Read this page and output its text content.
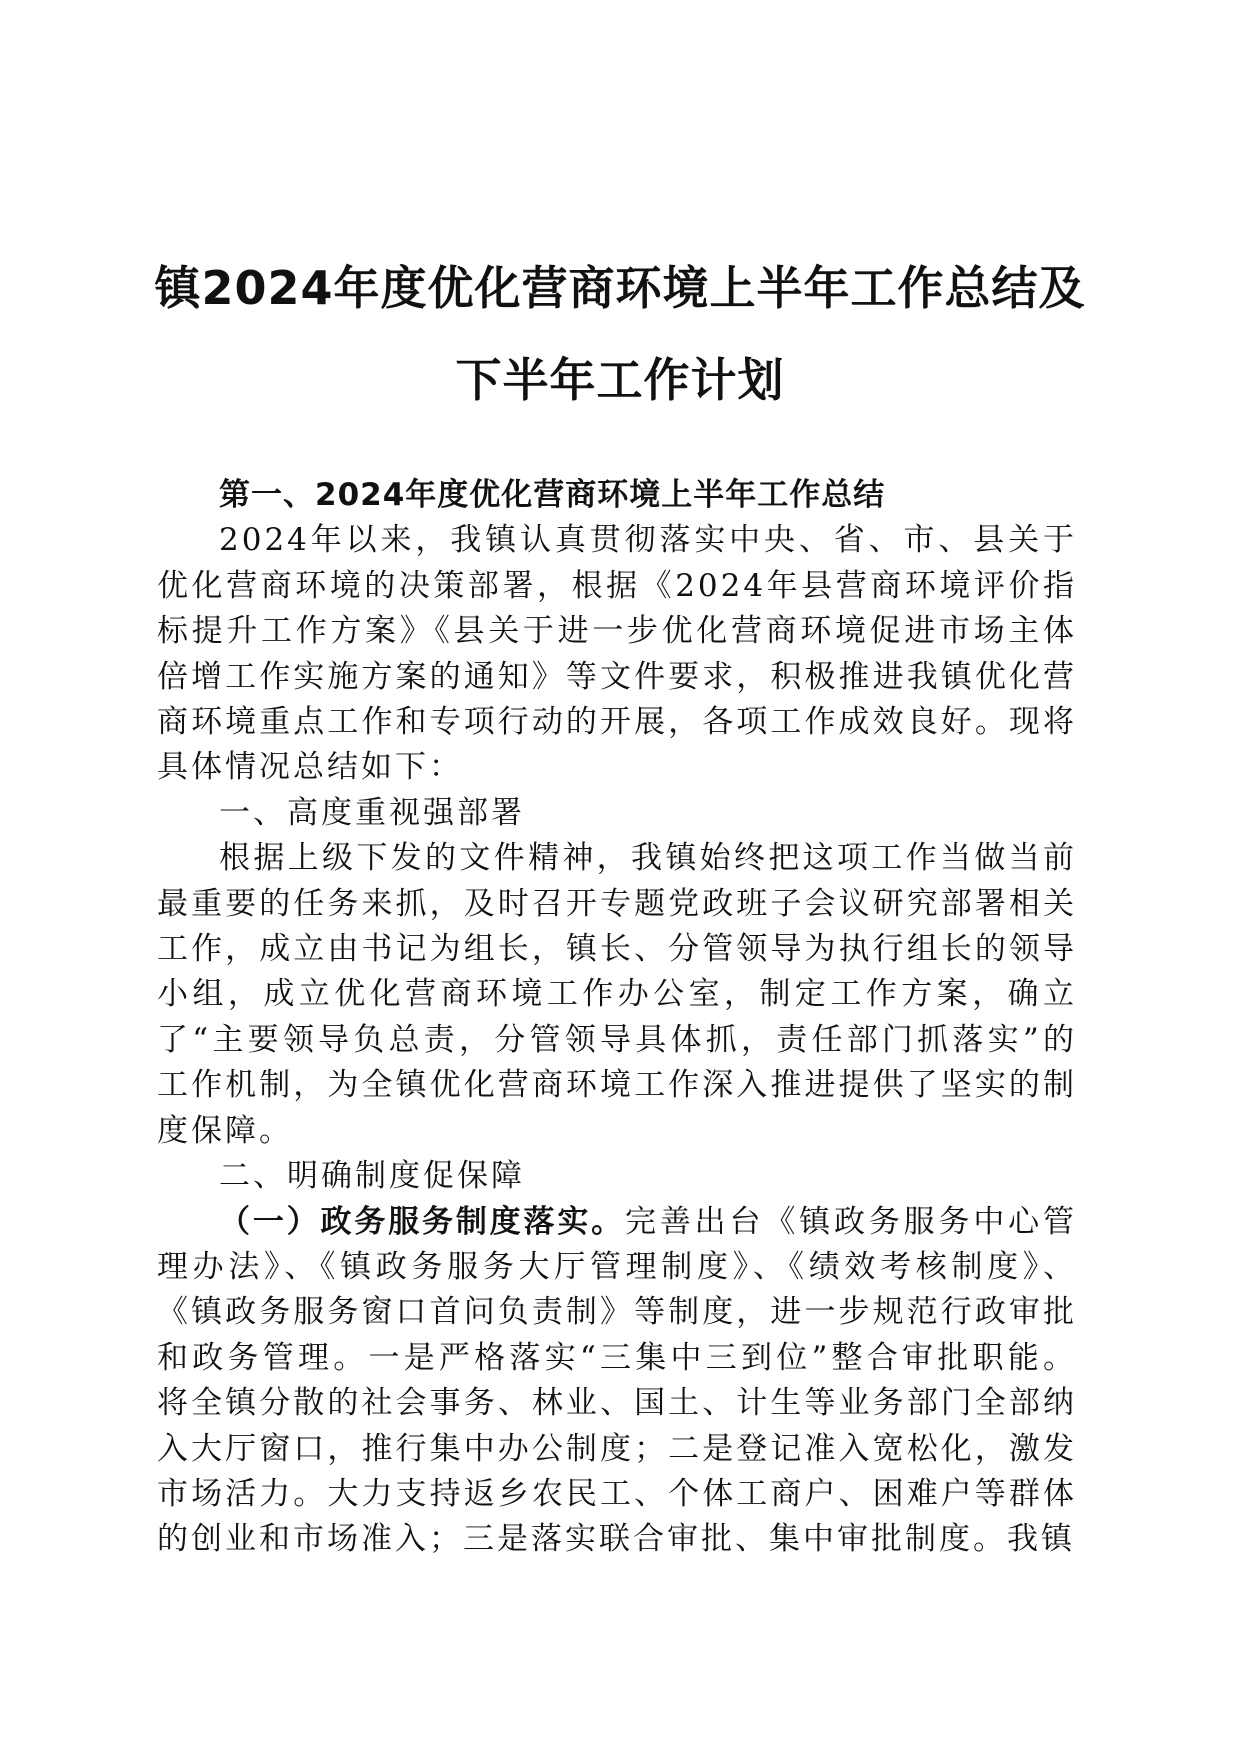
镇2024年度优化营商环境上半年工作总结及
下半年工作计划

第一、2024年度优化营商环境上半年工作总结

2024年以来，我镇认真贯彻落实中央、省、市、县关于优化营商环境的决策部署，根据《2024年县营商环境评价指标提升工作方案》《县关于进一步优化营商环境促进市场主体倍增工作实施方案的通知》等文件要求，积极推进我镇优化营商环境重点工作和专项行动的开展，各项工作成效良好。现将具体情况总结如下：

一、高度重视强部署

根据上级下发的文件精神，我镇始终把这项工作当做当前最重要的任务来抓，及时召开专题党政班子会议研究部署相关工作，成立由书记为组长，镇长、分管领导为执行组长的领导小组，成立优化营商环境工作办公室，制定工作方案，确立了“主要领导负总责，分管领导具体抓，责任部门抓落实”的工作机制，为全镇优化营商环境工作深入推进提供了坚实的制度保障。

二、明确制度促保障

（一）政务服务制度落实。完善出台《镇政务服务中心管理办法》、《镇政务服务大厅管理制度》、《绩效考核制度》、《镇政务服务窗口首问负责制》等制度，进一步规范行政审批和政务管理。一是严格落实“三集中三到位”整合审批职能。将全镇分散的社会事务、林业、国土、计生等业务部门全部纳入大厅窗口，推行集中办公制度；二是登记准入宽松化，激发市场活力。大力支持返乡农民工、个体工商户、困难户等群体的创业和市场准入；三是落实联合审批、集中审批制度。我镇
